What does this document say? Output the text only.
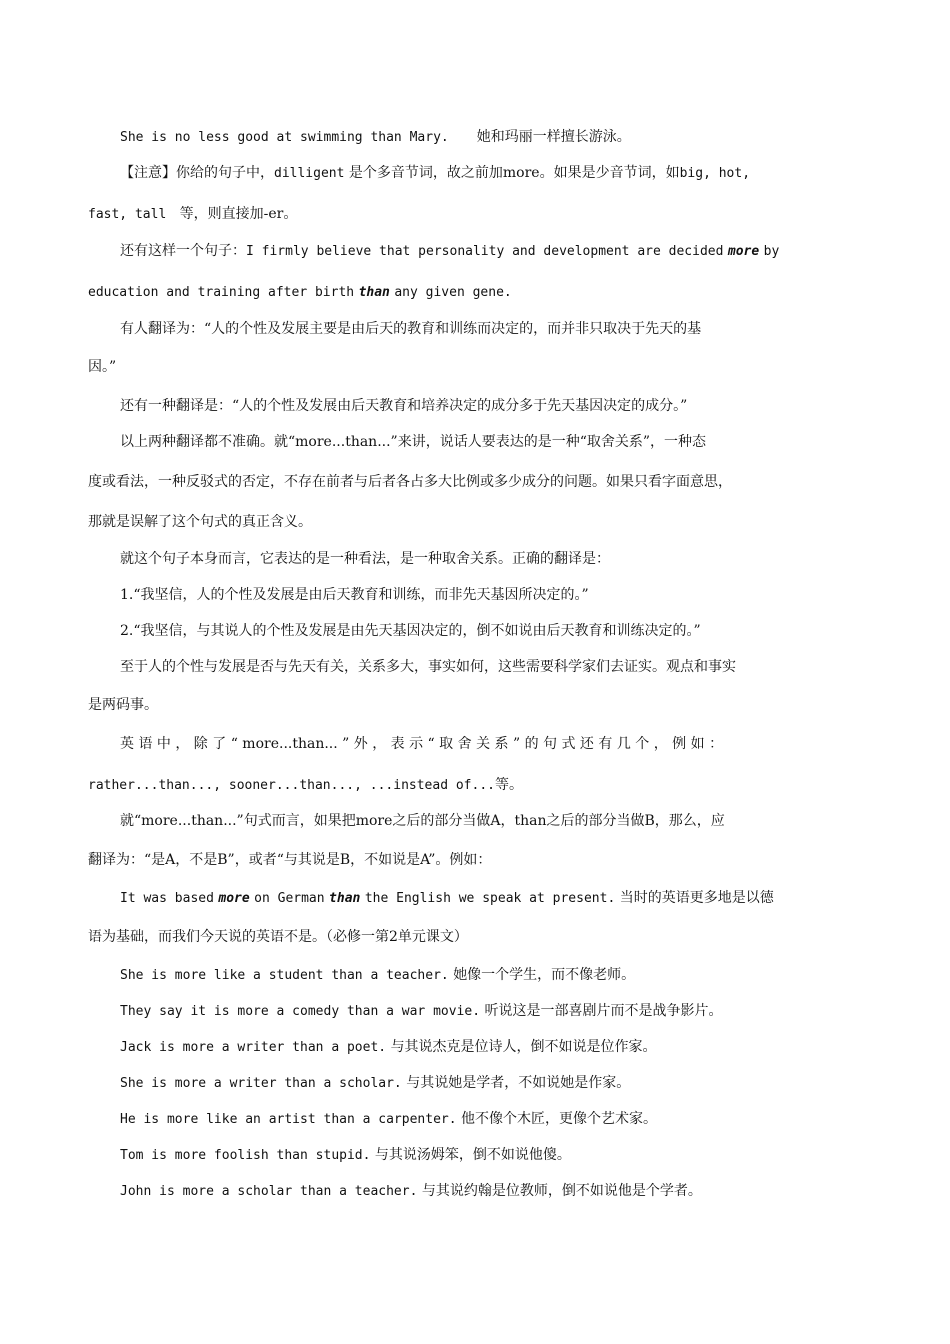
She is no less good at swimming than Mary. 她和玛丽一样擅长游泳。
【注意】你给的句子中，dilligent 是个多音节词，故之前加more。如果是少音节词，如big, hot,
fast, tall 等，则直接加-er。
还有这样一个句子：I firmly believe that personality and development are decided more by
education and training after birth than any given gene.
有人翻译为：“人的个性及发展主要是由后天的教育和训练而决定的，而并非只取决于先天的基
因。”
还有一种翻译是：“人的个性及发展由后天教育和培养决定的成分多于先天基因决定的成分。”
以上两种翻译都不准确。就“more...than...”来讲，说话人要表达的是一种“取舍关系”，一种态
度或看法，一种反驳式的否定，不存在前者与后者各占多大比例或多少成分的问题。如果只看字面意思，
那就是误解了这个句式的真正含义。
就这个句子本身而言，它表达的是一种看法，是一种取舍关系。正确的翻译是：
1.“我坚信，人的个性及发展是由后天教育和训练，而非先天基因所决定的。”
2.“我坚信，与其说人的个性及发展是由先天基因决定的，倒不如说由后天教育和训练决定的。”
至于人的个性与发展是否与先天有关，关系多大，事实如何，这些需要科学家们去证实。观点和事实
是两码事。
英 语 中 ， 除 了 “ more...than... ” 外 ， 表 示 “ 取 舍 关 系 ” 的 句 式 还 有 几 个 ， 例 如 ：
rather...than..., sooner...than..., ...instead of...等。
就“more...than...”句式而言，如果把more之后的部分当做A，than之后的部分当做B，那么，应
翻译为：“是A，不是B”，或者“与其说是B，不如说是A”。例如：
It was based more on German than the English we speak at present. 当时的英语更多地是以德
语为基础，而我们今天说的英语不是。（必修一第2单元课文）
She is more like a student than a teacher. 她像一个学生，而不像老师。
They say it is more a comedy than a war movie. 听说这是一部喜剧片而不是战争影片。
Jack is more a writer than a poet. 与其说杰克是位诗人，倒不如说是位作家。
She is more a writer than a scholar. 与其说她是学者，不如说她是作家。
He is more like an artist than a carpenter. 他不像个木匠，更像个艺术家。
Tom is more foolish than stupid. 与其说汤姆笨，倒不如说他傻。
John is more a scholar than a teacher. 与其说约翰是位教师，倒不如说他是个学者。
